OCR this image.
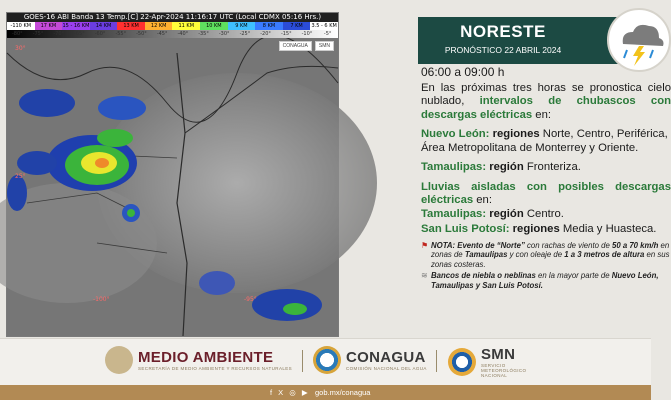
GOES-16 ABI Banda 13 Temp.[C] 22-Apr-2024 11:16:17 UTC (Local CDMX 05:16 Hrs.)
-110 KM	17 KM	15 - 16 KM	14 KM	13 KM	12 KM	11 KM	10 KM	9 KM	8 KM	7 KM	3.5 - 6 KM
-80°	-75°	-70°	-65°	-60°	-55°	-50°	-45°	-40°	-35°	-30°	-25°	-20°	-15°	-10°	-5°
CONAGUA	SMN
30°
25°
-100°	-95°
NORESTE
PRONÓSTICO 22 ABRIL 2024

06:00 a 09:00 h

En las próximas tres horas se pronostica cielo nublado, intervalos de chubascos con descargas eléctricas en:

Nuevo León: regiones Norte, Centro, Periférica, Área Metropolitana de Monterrey y Oriente.

Tamaulipas: región Fronteriza.

Lluvias aisladas con posibles descargas eléctricas en:

Tamaulipas: región Centro.

San Luis Potosí: regiones Media y Huasteca.

⚑ NOTA: Evento de “Norte” con rachas de viento de 50 a 70 km/h en zonas de Tamaulipas y con oleaje de 1 a 3 metros de altura en sus zonas costeras.

≋ Bancos de niebla o neblinas en la mayor parte de Nuevo León, Tamaulipas y San Luis Potosí.

MEDIO AMBIENTE
SECRETARÍA DE MEDIO AMBIENTE Y RECURSOS NATURALES
CONAGUA
COMISIÓN NACIONAL DEL AGUA
SMN
SERVICIO METEOROLÓGICO NACIONAL
f X ◎ ▶ gob.mx/conagua
